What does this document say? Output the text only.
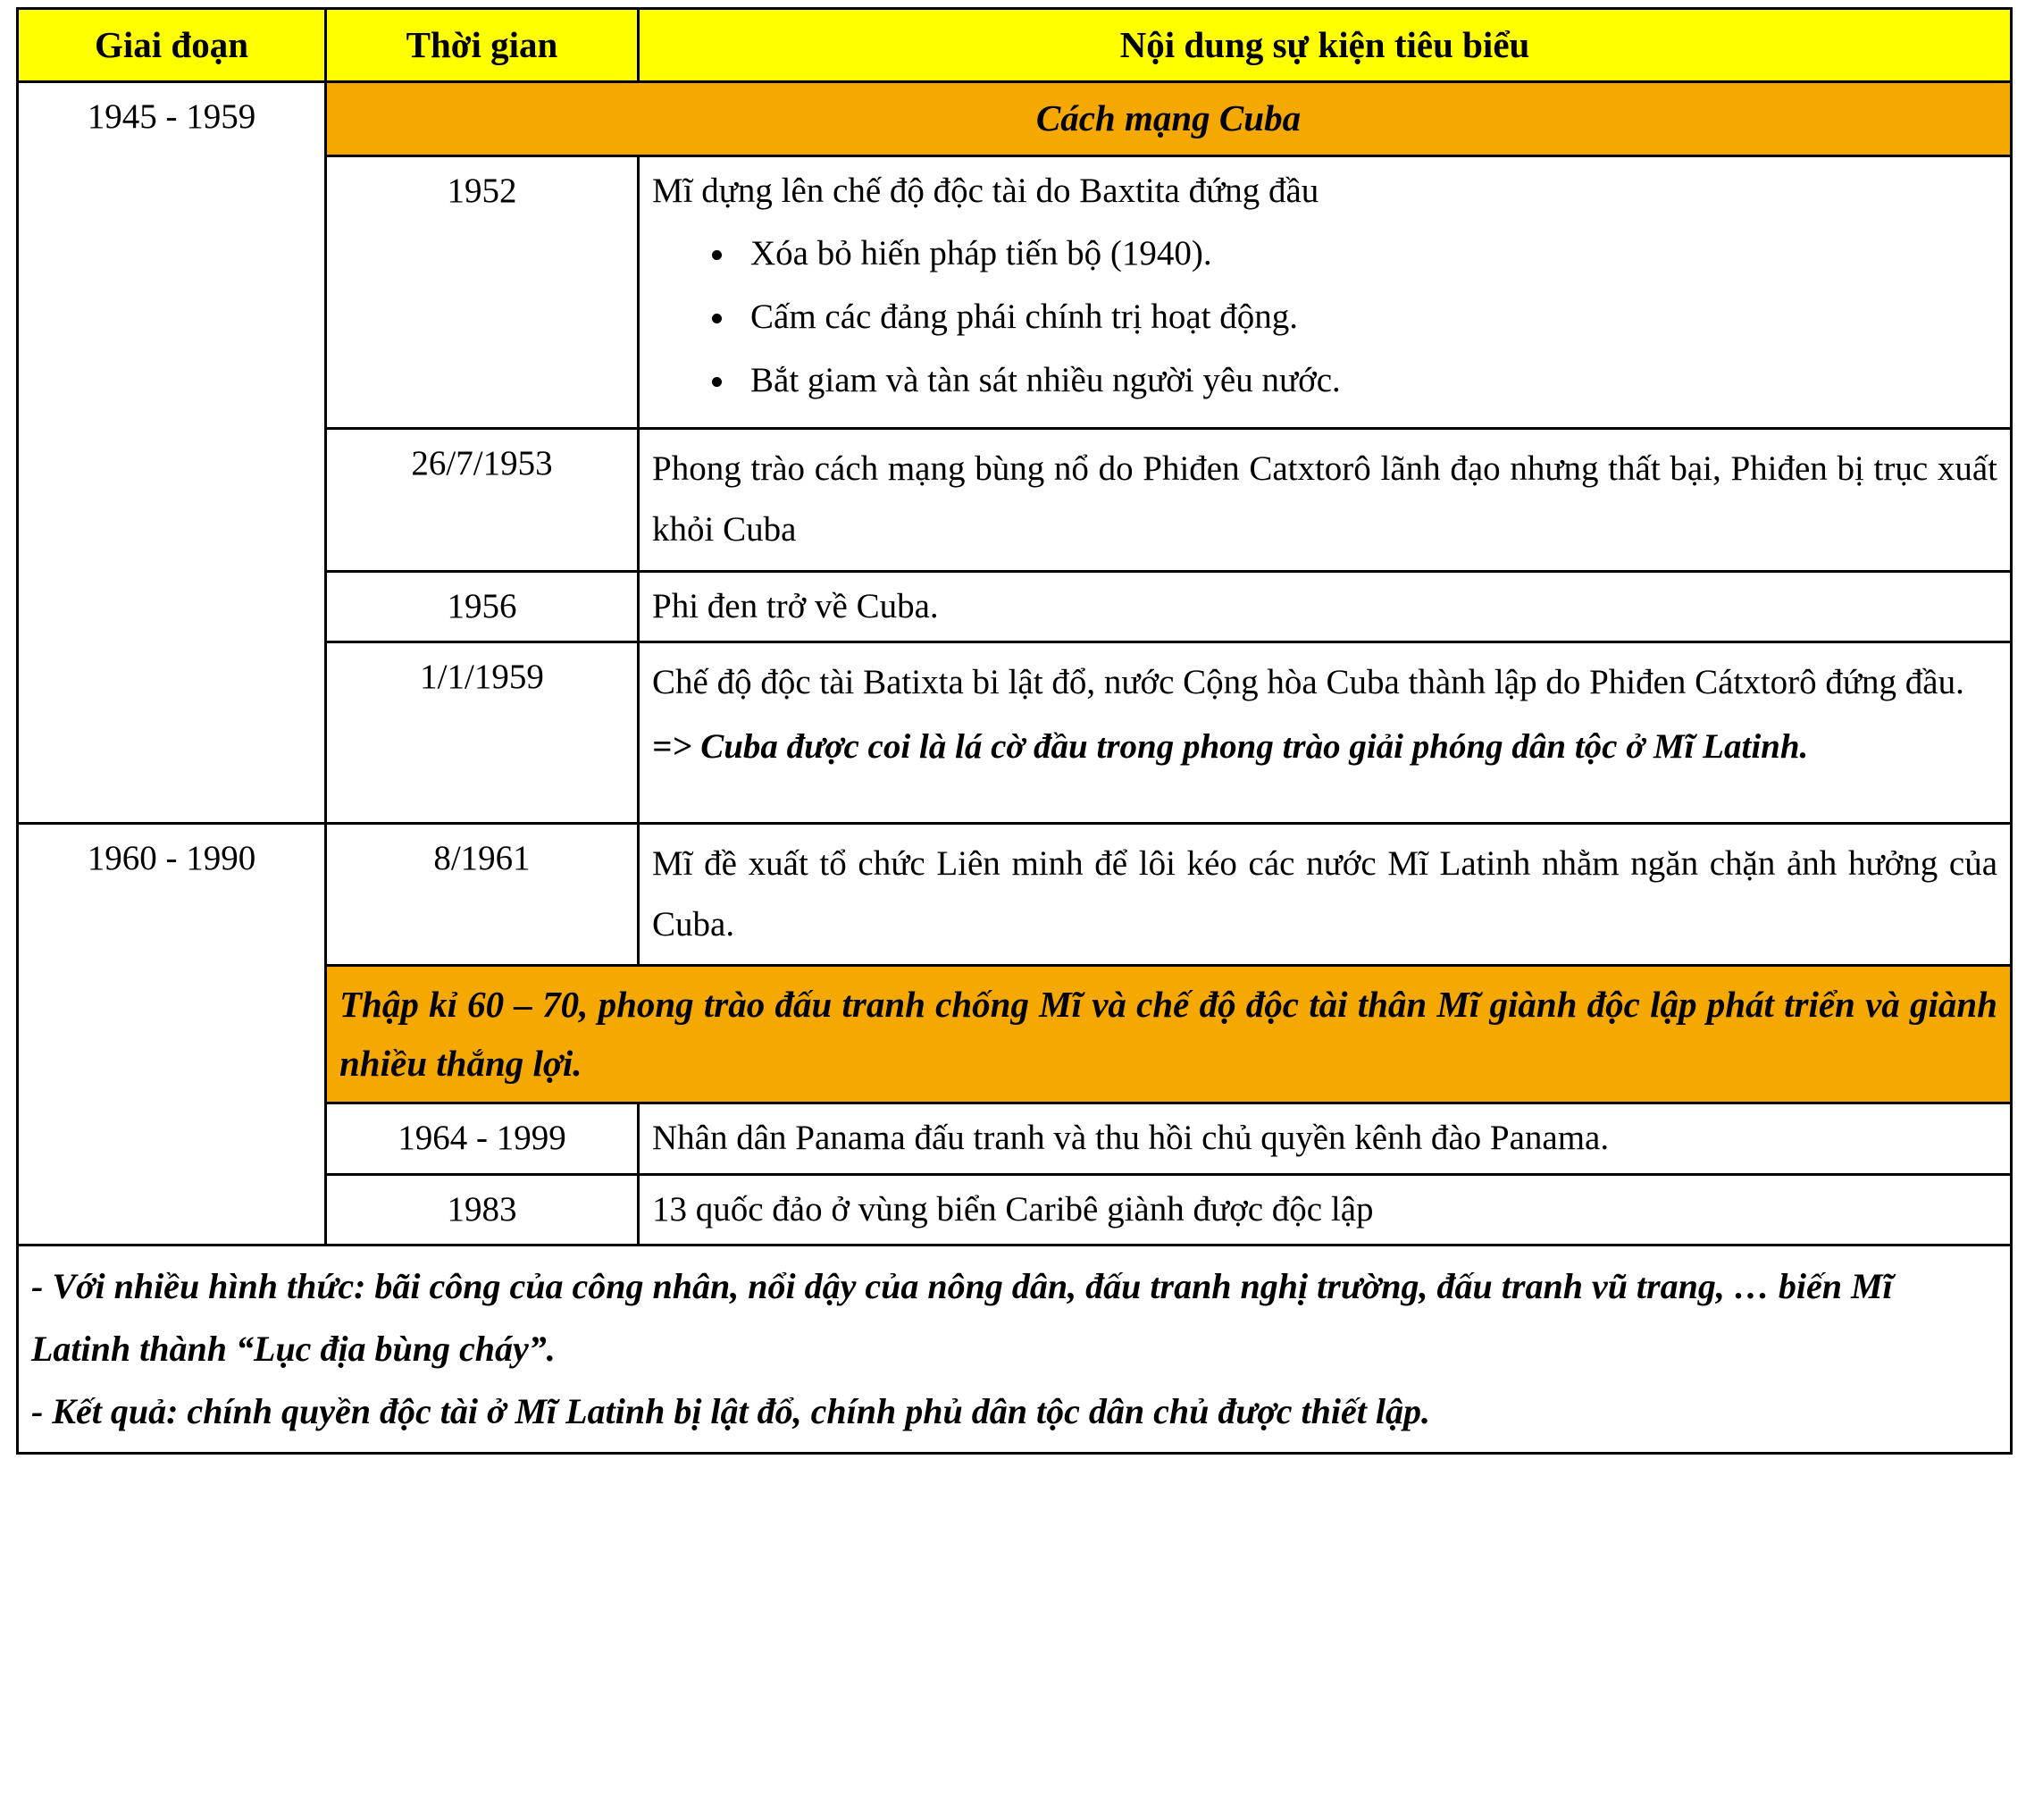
Giai đoạn	Thời gian	Nội dung sự kiện tiêu biểu
1945 - 1959	Cách mạng Cuba	
1952	Mĩ dựng lên chế độ độc tài do Baxtita đứng đầu

• Xóa bỏ hiến pháp tiến bộ (1940).
• Cấm các đảng phái chính trị hoạt động.
• Bắt giam và tàn sát nhiều người yêu nước.

	26/7/1953	Phong trào cách mạng bùng nổ do Phiđen Catxtorô lãnh đạo nhưng thất bại, Phiđen bị trục xuất khỏi Cuba
	1956	Phi đen trở về Cuba.
	1/1/1959	Chế độ độc tài Batixta bi lật đổ, nước Cộng hòa Cuba thành lập do Phiđen Cátxtorô đứng đầu.

=> Cuba được coi là lá cờ đầu trong phong trào giải phóng dân tộc ở Mĩ Latinh.

1960 - 1990	8/1961	Mĩ đề xuất tổ chức Liên minh để lôi kéo các nước Mĩ Latinh nhằm ngăn chặn ảnh hưởng của Cuba.
	Thập kỉ 60 – 70, phong trào đấu tranh chống Mĩ và chế độ độc tài thân Mĩ giành độc lập phát triển và giành nhiều thắng lợi.	
	1964 - 1999	Nhân dân Panama đấu tranh và thu hồi chủ quyền kênh đào Panama.
	1983	13 quốc đảo ở vùng biển Caribê giành được độc lập

- Với nhiều hình thức: bãi công của công nhân, nổi dậy của nông dân, đấu tranh nghị trường, đấu tranh vũ trang, … biến Mĩ Latinh thành “Lục địa bùng cháy”.
- Kết quả: chính quyền độc tài ở Mĩ Latinh bị lật đổ, chính phủ dân tộc dân chủ được thiết lập.		
